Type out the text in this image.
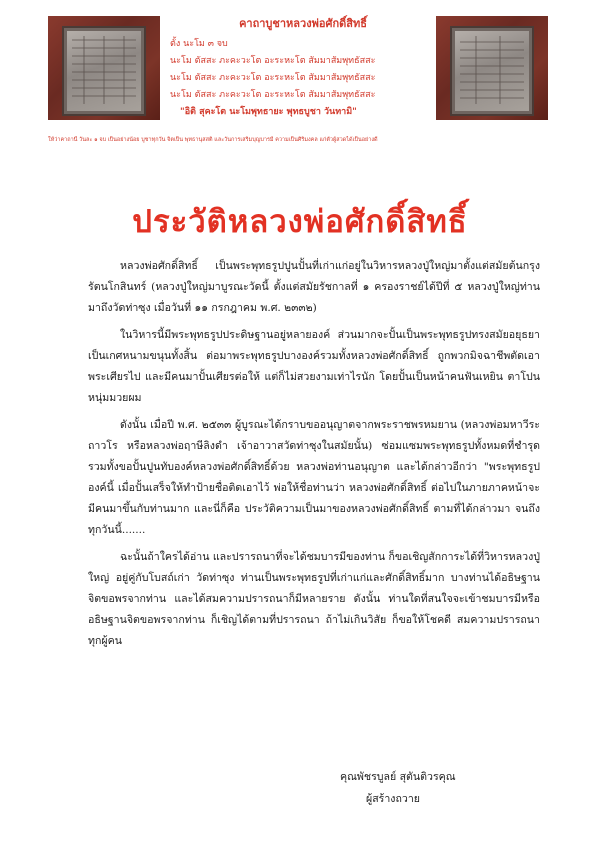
คาถาบูชาหลวงพ่อศักดิ์สิทธิ์
ตั้ง นะโม ๓ จบ
นะโม ตัสสะ ภะคะวะโต อะระหะโต สัมมาสัมพุทธัสสะ
นะโม ตัสสะ ภะคะวะโต อะระหะโต สัมมาสัมพุทธัสสะ
นะโม ตัสสะ ภะคะวะโต อะระหะโต สัมมาสัมพุทธัสสะ
"อิติ สุคะโต นะโมพุทธายะ พุทธบูชา วันทามิ"
ให้ว่าคาถานี้ วันละ ๑ จบ เป็นอย่างน้อย บูชาทุกวัน จิตเป็น พุทธานุสสติ และวันการเสริมบุญบารมี ความเป็นศิริมงคล แก่ตัวผู้สวดได้เป็นอย่างดี
ประวัติหลวงพ่อศักดิ์สิทธิ์

หลวงพ่อศักดิ์สิทธิ์ เป็นพระพุทธรูปปูนปั้นที่เก่าแก่อยู่ในวิหารหลวงปู่ใหญ่มาตั้งแต่สมัยต้นกรุงรัตนโกสินทร์ (หลวงปู่ใหญ่มาบูรณะวัดนี้ ตั้งแต่สมัยรัชกาลที่ ๑ ครองราชย์ได้ปีที่ ๕ หลวงปู่ใหญ่ท่านมาถึงวัดท่าซุง เมื่อวันที่ ๑๑ กรกฎาคม พ.ศ. ๒๓๓๒)

ในวิหารนี้มีพระพุทธรูปประดิษฐานอยู่หลายองค์ ส่วนมากจะปั้นเป็นพระพุทธรูปทรงสมัยอยุธยา เป็นเกศหนามขนุนทั้งสิ้น ต่อมาพระพุทธรูปบางองค์รวมทั้งหลวงพ่อศักดิ์สิทธิ์ ถูกพวกมิจฉาชีพตัดเอาพระเศียรไป และมีคนมาปั้นเศียรต่อให้ แต่ก็ไม่สวยงามเท่าไรนัก โดยปั้นเป็นหน้าคนฟันเหยิน ตาโปน หนุ่มมวยผม

ดังนั้น เมื่อปี พ.ศ. ๒๕๓๓ ผู้บูรณะได้กราบขออนุญาตจากพระราชพรหมยาน (หลวงพ่อมหาวีระ ถาวโร หรือหลวงพ่อฤาษีลิงดำ เจ้าอาวาสวัดท่าซุงในสมัยนั้น) ซ่อมแซมพระพุทธรูปทั้งหมดที่ชำรุด รวมทั้งขอปั้นปูนทับองค์หลวงพ่อศักดิ์สิทธิ์ด้วย หลวงพ่อท่านอนุญาต และได้กล่าวอีกว่า "พระพุทธรูปองค์นี้ เมื่อปั้นเสร็จให้ทำป้ายชื่อติดเอาไว้ พ่อให้ชื่อท่านว่า หลวงพ่อศักดิ์สิทธิ์ ต่อไปในภายภาคหน้าจะมีคนมาขึ้นกับท่านมาก และนี่ก็คือ ประวัติความเป็นมาของหลวงพ่อศักดิ์สิทธิ์ ตามที่ได้กล่าวมา จนถึงทุกวันนี้.......

ฉะนั้นถ้าใครได้อ่าน และปรารถนาที่จะได้ชมบารมีของท่าน ก็ขอเชิญสักการะได้ที่วิหารหลวงปู่ใหญ่ อยู่คู่กับโบสถ์เก่า วัดท่าซุง ท่านเป็นพระพุทธรูปที่เก่าแก่และศักดิ์สิทธิ์มาก บางท่านได้อธิษฐานจิตขอพรจากท่าน และได้สมความปรารถนาก็มีหลายราย ดังนั้น ท่านใดที่สนใจจะเข้าชมบารมีหรืออธิษฐานจิตขอพรจากท่าน ก็เชิญได้ตามที่ปรารถนา ถ้าไม่เกินวิสัย ก็ขอให้โชคดี สมความปรารถนาทุกผู้คน

คุณพัชรบูลย์ สุตันติวรคุณ
ผู้สร้างถวาย
